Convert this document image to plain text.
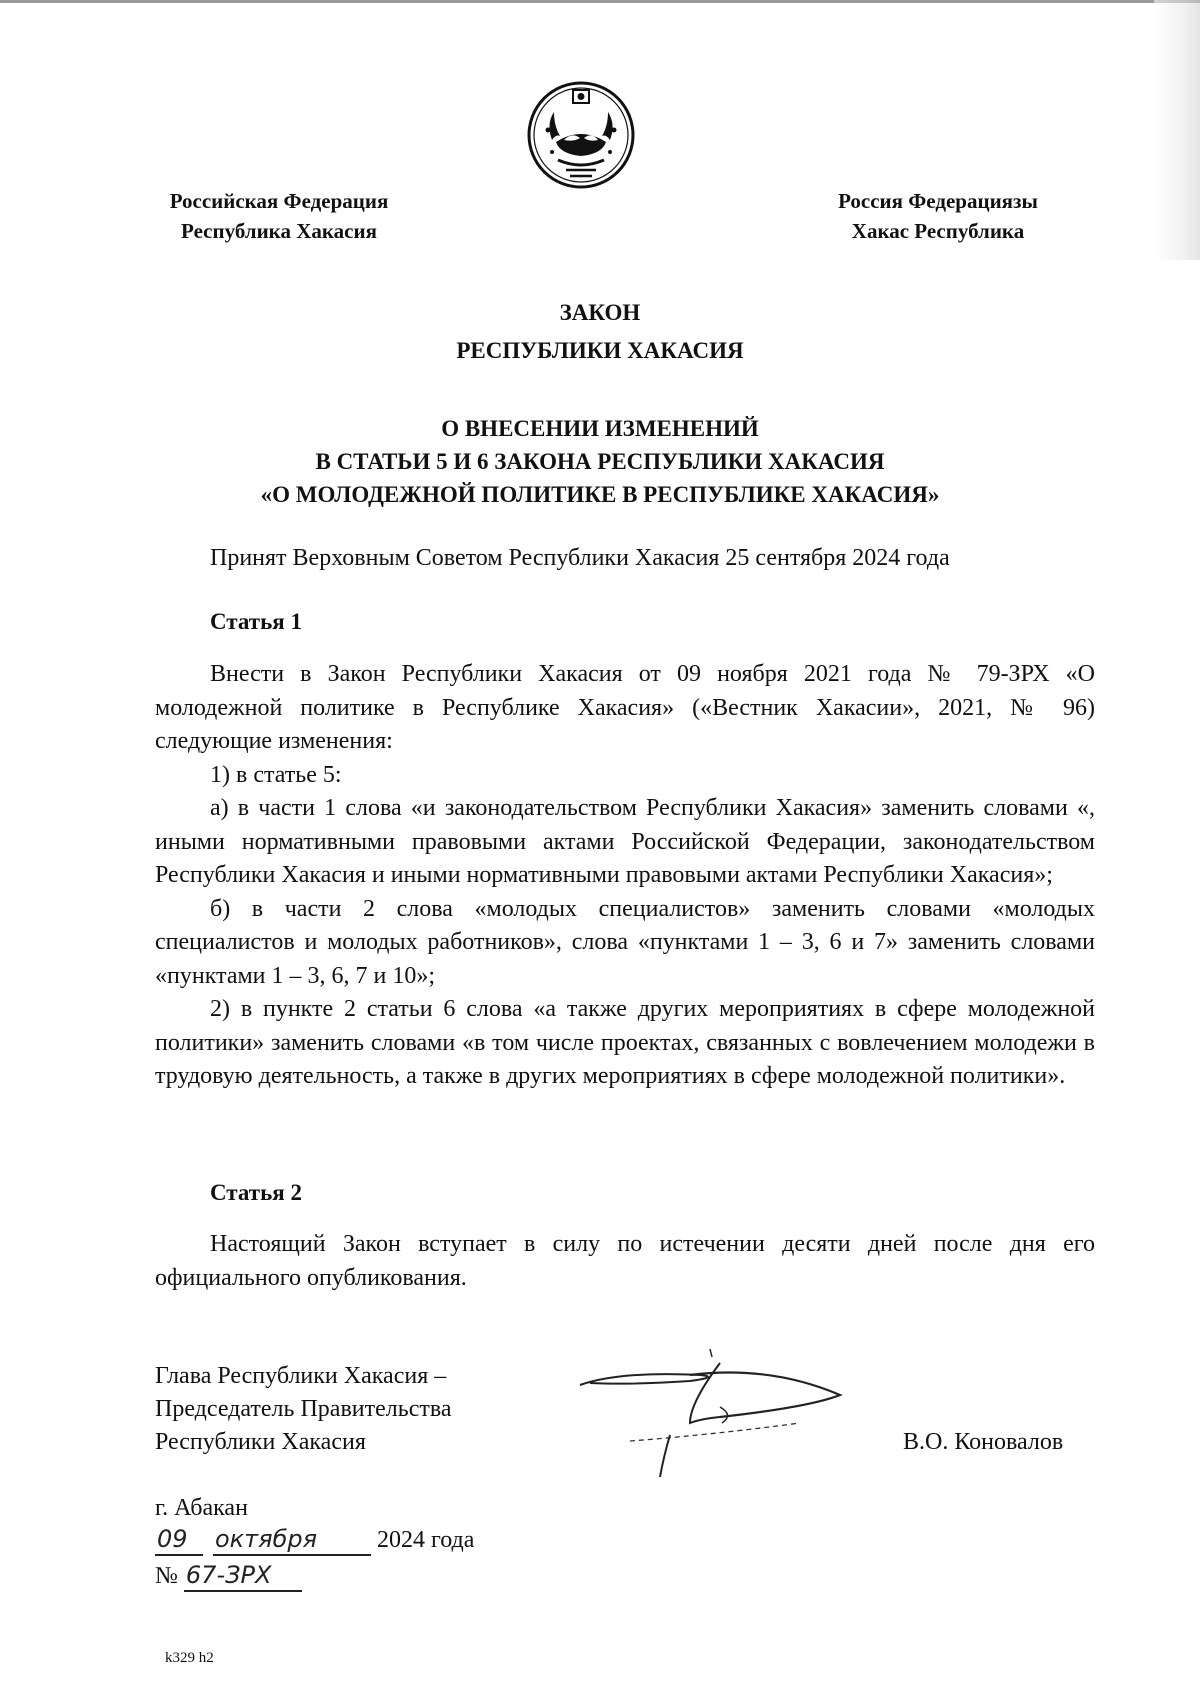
Российская Федерация
Республика Хакасия
Россия Федерациязы
Хакас Республика
ЗАКОН
РЕСПУБЛИКИ ХАКАСИЯ
О ВНЕСЕНИИ ИЗМЕНЕНИЙ
В СТАТЬИ 5 И 6 ЗАКОНА РЕСПУБЛИКИ ХАКАСИЯ
«О МОЛОДЕЖНОЙ ПОЛИТИКЕ В РЕСПУБЛИКЕ ХАКАСИЯ»
Принят Верховным Советом Республики Хакасия 25 сентября 2024 года
Статья 1

Внести в Закон Республики Хакасия от 09 ноября 2021 года № 79-ЗРХ «О молодежной политике в Республике Хакасия» («Вестник Хакасии», 2021, № 96) следующие изменения:

1) в статье 5:

а) в части 1 слова «и законодательством Республики Хакасия» заменить словами «, иными нормативными правовыми актами Российской Федерации, законодательством Республики Хакасия и иными нормативными правовыми актами Республики Хакасия»;

б) в части 2 слова «молодых специалистов» заменить словами «молодых специалистов и молодых работников», слова «пунктами 1 – 3, 6 и 7» заменить словами «пунктами 1 – 3, 6, 7 и 10»;

2) в пункте 2 статьи 6 слова «а также других мероприятиях в сфере молодежной политики» заменить словами «в том числе проектах, связанных с вовлечением молодежи в трудовую деятельность, а также в других мероприятиях в сфере молодежной политики».

Статья 2

Настоящий Закон вступает в силу по истечении десяти дней после дня его официального опубликования.

Глава Республики Хакасия –
Председатель Правительства
Республики Хакасия	В.О. Коновалов
г. Абакан
09 октября 2024 года
№ 67-ЗРХ
k329 h2
